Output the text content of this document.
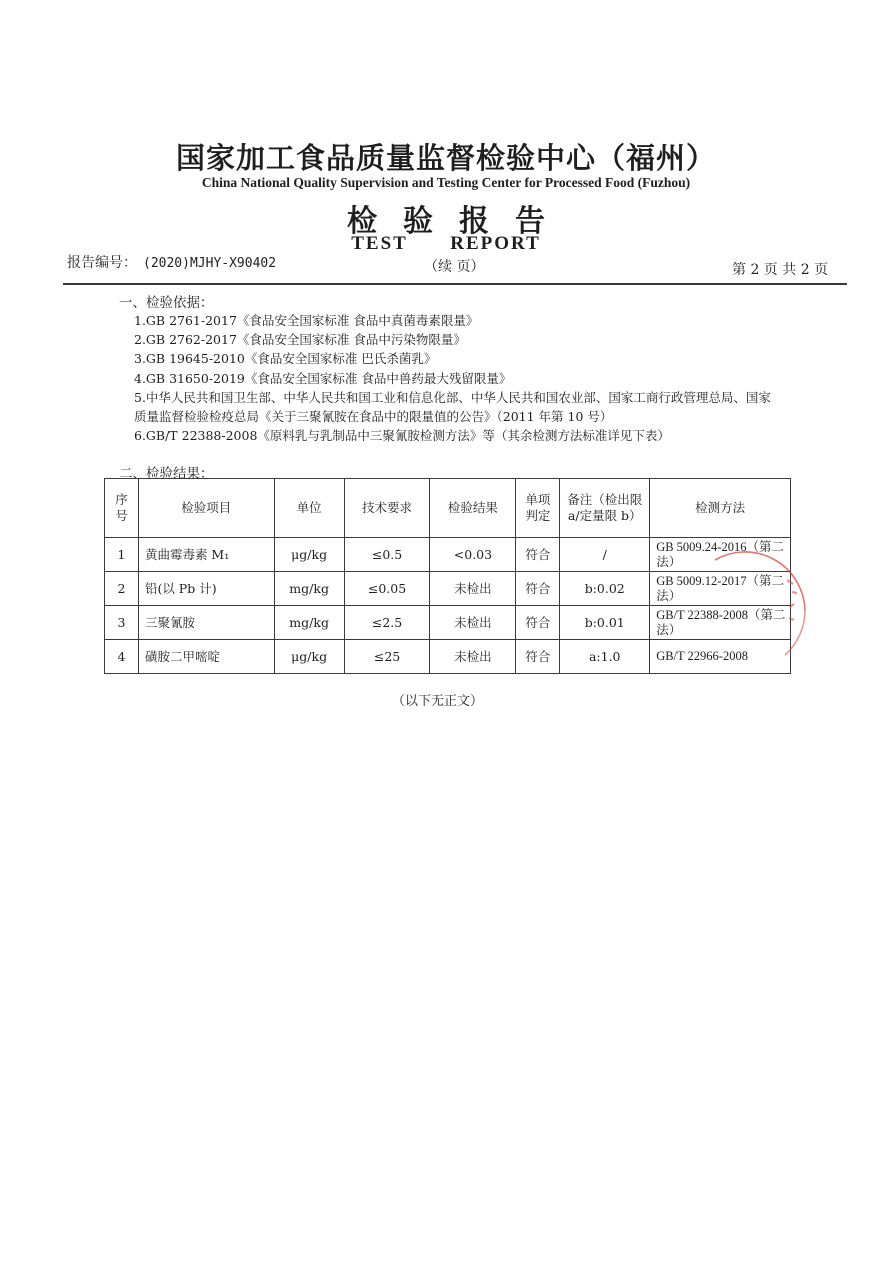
国家加工食品质量监督检验中心（福州）
China National Quality Supervision and Testing Center for Processed Food (Fuzhou)
检验报告
TEST REPORT
报告编号： (2020)MJHY-X90402	（续 页）	第 2 页 共 2 页
一、检验依据：
1.GB 2761-2017《食品安全国家标准 食品中真菌毒素限量》
2.GB 2762-2017《食品安全国家标准 食品中污染物限量》
3.GB 19645-2010《食品安全国家标准 巴氏杀菌乳》
4.GB 31650-2019《食品安全国家标准 食品中兽药最大残留限量》
5.中华人民共和国卫生部、中华人民共和国工业和信息化部、中华人民共和国农业部、国家工商行政管理总局、国家质量监督检验检疫总局《关于三聚氰胺在食品中的限量值的公告》（2011 年第 10 号）
6.GB/T 22388-2008《原料乳与乳制品中三聚氰胺检测方法》等（其余检测方法标准详见下表）
二、检验结果：
序号	检验项目	单位	技术要求	检验结果	单项判定	备注（检出限 a/定量限 b）	检测方法
1	黄曲霉毒素 M₁	μg/kg	≤0.5	<0.03	符合	/	GB 5009.24-2016（第二法）
2	铅(以 Pb 计)	mg/kg	≤0.05	未检出	符合	b:0.02	GB 5009.12-2017（第二法）
3	三聚氰胺	mg/kg	≤2.5	未检出	符合	b:0.01	GB/T 22388-2008（第二法）
4	磺胺二甲嘧啶	μg/kg	≤25	未检出	符合	a:1.0	GB/T 22966-2008
（以下无正文）
